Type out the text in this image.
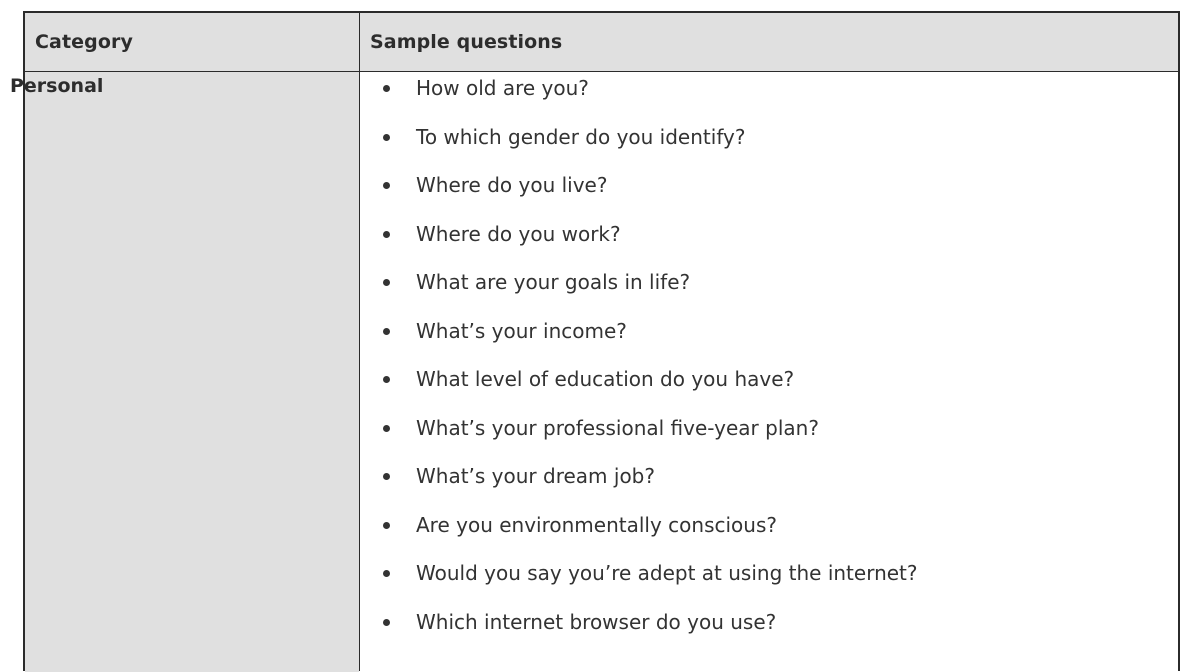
Category	Sample questions
Personal	How old are you?
To which gender do you identify?
Where do you live?
Where do you work?
What are your goals in life?
What’s your income?
What level of education do you have?
What’s your professional five-year plan?
What’s your dream job?
Are you environmentally conscious?
Would you say you’re adept at using the internet?
Which internet browser do you use?
